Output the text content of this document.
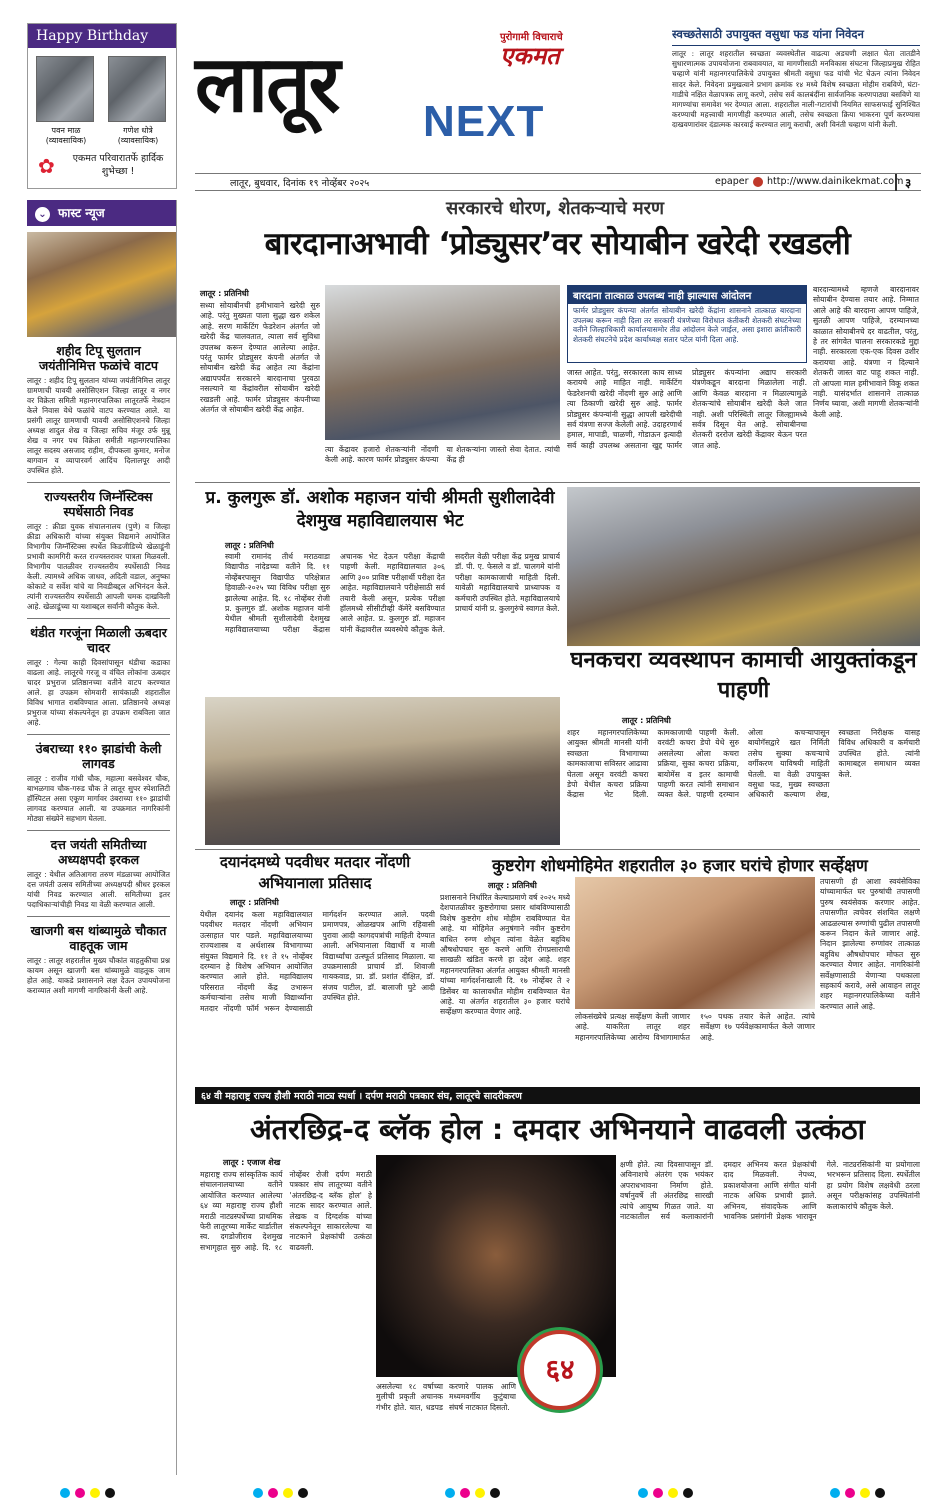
Happy Birthday
पवन माळ
(व्यावसायिक)
गणेश धोत्रे
(व्यावसायिक)
✿	एकमत परिवारातर्फे हार्दिक शुभेच्छा !
⌄ फास्ट न्यूज
शहीद टिपू सुलतान जयंतीनिमित्त फळांचे वाटप

लातूर : शहीद टिपू सुलतान यांच्या जयंतीनिमित्त लातूर ग्रामणाची यावयी असोसिएशन जिल्हा लातूर व नगर वर विक्रेता समिती महानगरपालिका लातूरतर्फे नेत्रदान केले निवास येथे फळांचे वाटप करण्यात आले. या प्रसंगी लातूर ग्रामणाची यावयी असोसिएशनचे जिल्हा अध्यक्ष शादुल शेख व जिल्हा सचिव मंजूर उर्फ मुन्नू शेख व नगर पथ विक्रेता समीती महानगरपालिका लातूर सदस्य असजाद राहीम, दीपकला कुमार, मनोज बागवान व व्यापारवर्ग आदिंच दिलालपूर आदी उपस्थित होते.

राज्यस्तरीय जिम्नॅस्टिक्स स्पर्धेसाठी निवड

लातूर : क्रीडा युवक संचालनालय (पुणे) व जिल्हा क्रीडा अधिकारी यांच्या संयुक्त विद्यमाने आयोजित विभागीय जिम्नॅस्टिक्स स्पर्धेत किडजीडिच्ये खेळाडूंनी प्रभावी कामगिरी करत राज्यस्तरावर पात्रता मिळवली. विभागीय पातळीवर राज्यस्तरीय स्पर्धेसाठी निवड केली. त्यामध्ये अधिक जाधव, अदिती वडाल, अनुष्का कोकाटे व सर्वेश यांचे या निवडीबद्दल अभिनंदन केले. त्यांनी राज्यस्तरीय स्पर्धेसाठी आपली चमक दाखविली आहे. खेळाडूंच्या या यशाबद्दल सर्वांनी कौतुक केले.

थंडीत गरजूंना मिळाली ऊबदार चादर

लातूर : गेल्या काही दिवसांपासून थंडीचा कडाका वाढला आहे. लातूरचे गरजू व वंचित लोकांना ऊबदार चादर प्रभुराज प्रतिष्ठानच्या वतीने वाटप करण्यात आले. हा उपक्रम सोमवारी सायंकाळी शहरातील विविध भागात राबविण्यात आला. प्रतिष्ठानचे अध्यक्ष प्रभुराज यांच्या संकल्पनेतून हा उपक्रम राबविला जात आहे.

उंबराच्या ११० झाडांची केली लागवड

लातूर : राजीव गांधी चौक, महात्मा बसवेश्वर चौक, बाभळगाव चौक-गरुड चौक ते लातूर सुपर स्पेशालिटी हॉस्पिटल असा एकूण मार्गावर उंबराच्या ११० झाडांची लागवड करण्यात आली. या उपक्रमात नागरिकांनी मोठ्या संख्येने सहभाग घेतला.

दत्त जयंती समितीच्या अध्यक्षपदी इरकल

लातूर : येथील अतिआगरा तरुण मंडळाच्या आयोजित दत्त जयंती उत्सव समितीच्या अध्यक्षपदी श्रीधर इरकल यांची निवड करण्यात आली. समितीच्या इतर पदाधिकाऱ्यांचीही निवड या वेळी करण्यात आली.

खाजगी बस थांब्यामुळे चौकात वाहतूक जाम

लातूर : लातूर शहरातील मुख्य चौकांत वाहतुकीचा प्रश्न कायम असून खाजगी बस थांब्यामुळे वाहतूक जाम होत आहे. याकडे प्रशासनाने लक्ष देऊन उपाययोजना कराव्यात अशी मागणी नागरिकांनी केली आहे.

लातूर
पुरोगामी विचाराचे
एकमत
NEXT
स्वच्छतेसाठी उपायुक्त वसुधा फड यांना निवेदन

लातूर : लातूर शहरातील स्वच्छता व्यवस्थेतील वाढत्या अडचणी लक्षात घेता तातडीने सुधारणात्मक उपाययोजना राबवावयात, या मागणीसाठी मनविकास संघटना जिल्हाप्रमुख रोहित चव्हाणे यांनी महानगरपालिकेचे उपायुक्त श्रीमती वसुधा फड यांची भेट घेऊन त्यांना निवेदन सादर केले. निवेदना प्रमुखत्वाने प्रभाग क्रमांक १४ मध्ये विशेष स्वच्छता मोहीम राबविणे, घंटा-गाडीचे नक्षित वेळापत्रक लागू करणे, तसेच सर्व कालबंदींना सार्वजनिक करणपाठ्या बसविणे या मागण्यांचा समावेश भर देण्यात आला. शहरातील नाली-गटारांची नियमित साफसफाई सुनिश्चित करण्याची महत्त्वाची मागणीही करण्यात आली, तसेच स्वच्छता क्रिया भाकरना पूर्ण करण्यास दाखवणारांवर दंडात्मक कारवाई करण्यात लागू कराची, अशी विनंती चव्हाण यांनी केली.

लातूर, बुधवार, दिनांक १९ नोव्हेंबर २०२५	epaper http://www.dainikekmat.com ३
सरकारचे धोरण, शेतकऱ्याचे मरण
बारदानाअभावी ‘प्रोड्युसर’वर सोयाबीन खरेदी रखडली
लातूर : प्रतिनिधी
सध्या सोयाबीनची हमीभावाने खरेदी सुरु आहे. परंतु मुख्यतः पाला सुद्धा खरु शकेल आहे. सरण मार्केटिंग फेडरेशन अंतर्गत जो खरेदी केंद्र चालवतात, त्याला सर्व सुविधा उपलब्ध करून देण्यात आलेल्या आहेत. परंतु फार्मर प्रोड्युसर कंपनी अंतर्गत जे सोयाबीन खरेदी केंद्र आहेत त्या केंद्रांना अद्यापपर्यंत सरकारने बारदानाचा पुरवठा नसल्याने या केंद्रांवरील सोयाबीन खरेदी रखडली आहे. फार्मर प्रोड्युसर कंपनीच्या अंतर्गत जे सोयाबीन खरेदी केंद्र आहेत.
त्या केंद्रावर हजारो शेतकऱ्यांनी नोंदणी केली आहे. कारण फार्मर प्रोड्युसर कंपन्या या शेतकऱ्यांना जास्तो सेवा देतात. त्यांची केंद्र ही
बारदाना तात्काळ उपलब्ध नाही झाल्यास आंदोलन

फार्मर प्रोड्युसर कंपन्या अंतर्गत सोयाबीन खरेदी केंद्रांना शासनाने तात्काळ बारदाना उपलब्ध करून नाही दिला तर सरकारी यंत्रणेच्या विरोधात कंतीकरी शेतकरी संघटनेच्या वतीने जिल्हाधिकारी कार्यालयासमोर तीव्र आंदोलन केले जाईल, असा इशारा क्रांतीकारी शेतकरी संघटनेचे प्रदेश कार्याध्यक्ष सतार पटेल यांनी दिला आहे.

जास्त आहेत. परंतु, सरकारला काय साध्य करायचे आहे माहित नाही. मार्केटिंग फेडरेशनची खरेदी नोंदणी सुरु आहे आणि त्या ठिकाणी खरेदी सुरु आहे. फार्मर प्रोड्युसर कंपन्यांनी सुद्धा आपली खरेदीची सर्व यंत्रणा सज्ज केलेली आहे. उदाहरणार्थ हमाल, मापाडी, चाळणी, गोडाऊन इत्यादी सर्व काही उपलब्ध असताना खुद्द फार्मर प्रोड्युसर कंपन्यांना अद्याप सरकारी यंत्रणेकडून बारदाना मिळालेला नाही. आणि केवळ बारदाना न मिळाल्यामुळे शेतकऱ्यांचे सोयाबीन खरेदी केले जात नाही. अशी परिस्थिती लातूर जिल्ह्यामध्ये सर्वत्र दिसून येत आहे. सोयाबीनचा शेतकरी दररोज खरेदी केंद्रावर येऊन परत जात आहे.
बारदान्यामध्ये म्हणजे बारदानावर सोयाबीन देण्यास तयार आहे. निम्मात आले आहे की बारदाना आपण पाहिजे, सुतळी आपण पाहिजे, दरम्यानच्या काळात सोयाबीनचे दर वाढतील, परंतु, हे तर सांगवेत चालना सरकारकडे मुद्दा नाही. सरकारला एक-एक दिवस उशीर करायचा आहे. यंत्रणा न दिल्याने शेतकरी जास्त वाट पाहू शकत नाही. तो आपला माल हमीभावाने विकू शकत नाही. यासंदर्भात शासनाने तात्काळ निर्णय घ्यावा, अशी मागणी शेतकऱ्यांनी केली आहे.
प्र. कुलगुरू डॉ. अशोक महाजन यांची श्रीमती सुशीलादेवी देशमुख महाविद्यालयास भेट
लातूर : प्रतिनिधी
स्वामी रामानंद तीर्थ मराठवाडा विद्यापीठ नांदेडच्या वतीने दि. ११ नोव्हेंबरपासून विद्यापीठ परिक्षेत्रात हिवाळी-२०२५ च्या विविध परीक्षा सुरु झालेल्या आहेत. दि. १८ नोव्हेंबर रोजी प्र. कुलगुरु डॉ. अशोक महाजन यांनी येथील श्रीमती सुशीलादेवी देशमुख महाविद्यालयाच्या परीक्षा केंद्रास अचानक भेट देऊन परीक्षा केंद्राची पाहणी केली. महाविद्यालयात ३०६ आणि ३०० प्राविष्ट परीक्षार्थी परीक्षा देत आहेत. महाविद्यालयाने परीक्षेसाठी सर्व तयारी केली असून, प्रत्येक परीक्षा हॉलमध्ये सीसीटीव्ही कॅमेरे बसविण्यात आले आहेत. प्र. कुलगुरु डॉ. महाजन यांनी केंद्रावरील व्यवस्थेचे कौतुक केले. सदरील वेळी परीक्षा केंद्र प्रमुख प्राचार्य डॉ. पी. ए. फेसले व डॉ. चालगमे यांनी परीक्षा कामकाजाची माहिती दिली. यावेळी महाविद्यालयाचे प्राध्यापक व कर्मचारी उपस्थित होते. महाविद्यालयाचे प्राचार्य यांनी प्र. कुलगुरुंचे स्वागत केले.
घनकचरा व्यवस्थापन कामाची आयुक्तांकडून पाहणी
लातूर : प्रतिनिधी
शहर महानगरपालिकेच्या आयुक्त श्रीमती मानसी यांनी स्वच्छता विभागाच्या कामकाजाचा सविस्तर आढावा घेतला असून वरवंटी कचरा डेपो येथील कचरा प्रक्रिया केंद्रास भेट दिली. कामकाजाची पाहणी केली. वरवंटी कचरा डेपो येथे सुरु असलेल्या ओला कचरा प्रक्रिया, सुका कचरा प्रक्रिया, बायोमेंस व इतर कामाची पाहणी करत त्यांनी समाधान व्यक्त केले. पाहणी दरम्यान ओला कचऱ्यापासून बायोगॅसद्वारे खत निर्मिती तसेच सुक्या कचऱ्याचे वर्गीकरण याविषयी माहिती घेतली. या वेळी उपायुक्त वसुधा फड, मुख्य स्वच्छता अधिकारी कल्याण शेख, स्वच्छता निरीक्षक यासह विविध अधिकारी व कर्मचारी उपस्थित होते. त्यांनी कामाबद्दल समाधान व्यक्त केले.
दयानंदमध्ये पदवीधर मतदार नोंदणी अभियानाला प्रतिसाद
लातूर : प्रतिनिधी
येथील दयानंद कला महाविद्यालयात पदवीधर मतदार नोंदणी अभियान उत्साहात पार पडले. महाविद्यालयाच्या राज्यशास्त्र व अर्थशास्त्र विभागाच्या संयुक्त विद्यमाने दि. ११ ते १५ नोव्हेंबर दरम्यान हे विशेष अभियान आयोजित करण्यात आले होते. महाविद्यालय परिसरात नोंदणी केंद्र उभारून कर्मचाऱ्यांना तसेच माजी विद्यार्थ्यांना मतदार नोंदणी फॉर्म भरून देण्यासाठी मार्गदर्शन करण्यात आले. पदवी प्रमाणपत्र, ओळखपत्र आणि रहिवासी पुरावा आदी कागदपत्रांची माहिती देण्यात आली. अभियानाला विद्यार्थी व माजी विद्यार्थ्यांचा उत्स्फूर्त प्रतिसाद मिळाला. या उपक्रमासाठी प्राचार्य डॉ. शिवाजी गायकवाड, प्रा. डॉ. प्रशांत दीक्षित, डॉ. संजय पाटील, डॉ. बालाजी घुटे आदी उपस्थित होते.
कुष्टरोग शोधमोहिमेत शहरातील ३० हजार घरांचे होणार सर्व्हेक्षण
लातूर : प्रतिनिधी
प्रशासनाने निर्धारित केल्याप्रमाणे वर्ष २०२५ मध्ये देशपातळीवर कुष्टरोगाचा प्रसार थांबविण्यासाठी विशेष कुष्टरोग शोध मोहीम राबविण्यात येत आहे. या मोहिमेत अनुषंगाने नवीन कुष्टरोग बाधित रुग्ण शोधून त्यांना वेळेत बहुविध औषधोपचार सुरु करणे आणि रोगप्रसाराची साखळी खंडित करणे हा उद्देश आहे. शहर महानगरपालिका अंतर्गत आयुक्त श्रीमती मानसी यांच्या मार्गदर्शनाखाली दि. १७ नोव्हेंबर ते २ डिसेंबर या कालावधीत मोहीम राबविण्यात येत आहे. या अंतर्गत शहरातील ३० हजार घरांचे सर्व्हेक्षण करण्यात येणार आहे.
लोकसंख्येचे प्रत्यक्ष सर्व्हेक्षण केली जाणार आहे. याकरिता लातूर शहर महानगरपालिकेच्या आरोग्य विभागामार्फत १५० पथक तयार केले आहेत. त्यांचे सर्वेक्षण १७ पर्यवेक्षकामार्फत केले जाणार आहे.
तपासणी ही आशा स्वयंसेविका यांच्यामार्फत घर पुरुषांची तपासणी पुरुष स्वयंसेवक करणार आहेत. तपासणीत त्वचेवर संशयित लक्षणे आढळल्यास रुग्णांची पुढील तपासणी करून निदान केले जाणार आहे. निदान झालेल्या रुग्णांवर तात्काळ बहुविध औषधोपचार मोफत सुरु करण्यात येणार आहेत. नागरिकांनी सर्वेक्षणासाठी येणाऱ्या पथकाला सहकार्य करावे, असे आवाहन लातूर शहर महानगरपालिकेच्या वतीने करण्यात आले आहे.
६४ वी महाराष्ट्र राज्य हौशी मराठी नाट्य स्पर्धा । दर्पण मराठी पत्रकार संघ, लातूरचे सादरीकरण
अंतरछिद्र-द ब्लॅक होल : दमदार अभिनयाने वाढवली उत्कंठा
लातूर : एजाज शेख
महाराष्ट्र राज्य सांस्कृतिक कार्य संचालनालयाच्या वतीने आयोजित करण्यात आलेल्या ६४ व्या महाराष्ट्र राज्य हौशी मराठी नाट्यस्पर्धेच्या प्राथमिक फेरी लातूरच्या मार्केट यार्डातील स्व. दगडोजीराव देशमुख सभागृहात सुरु आहे. दि. १८ नोव्हेंबर रोजी दर्पण मराठी पत्रकार संघ लातूरच्या वतीने 'अंतरछिद्र-द ब्लॅक होल' हे नाटक सादर करण्यात आले. लेखक व दिग्दर्शक यांच्या संकल्पनेतून साकारलेल्या या नाटकाने प्रेक्षकांची उत्कंठा वाढवली.
६४
असलेल्या १८ वर्षाच्या मुलीची प्रकृती अचानक गंभीर होते. यात, धडपड करणारे पालक आणि मध्यमवर्गीय कुटुंबाचा संघर्ष नाटकात दिसतो.
क्षणी होते. त्या दिवसापासून डॉ. अविनाशचे अंतरंग एक भयंकर अपराधभावना निर्माण होते. वर्षानुवर्षे ती अंतरछिद्र सारखी त्यांचे आयुष्य गिळत जाते. या नाटकातील सर्व कलाकारांनी दमदार अभिनय करत प्रेक्षकांची दाद मिळवली. नेपथ्य, प्रकाशयोजना आणि संगीत यांनी नाटक अधिक प्रभावी झाले. अभिनय, संवादफेक आणि भावनिक प्रसंगांनी प्रेक्षक भारावून गेले. नाट्यरसिकांनी या प्रयोगाला भरभरून प्रतिसाद दिला. स्पर्धेतील हा प्रयोग विशेष लक्षवेधी ठरला असून परीक्षकांसह उपस्थितांनी कलाकारांचे कौतुक केले.
